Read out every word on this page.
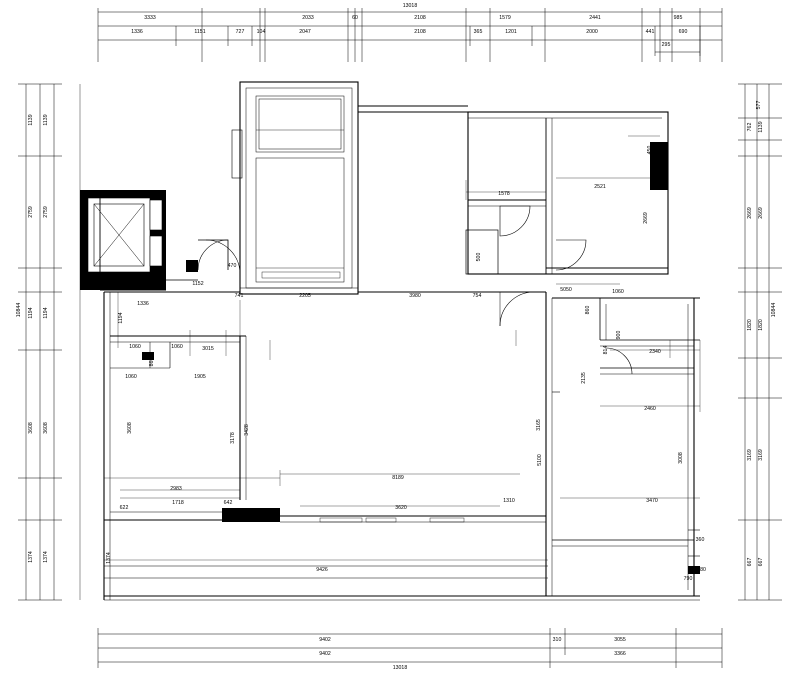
3333	2033	60	2108	1579	2441	985
1336	1151	727 104	2047	2108	365	1201	2000	441	690
295
1139
2759
1194
3608
1374
1139
2759
1194
3608
1374
577
762 1139
2669 2669
1820 1820
3169 3169
667 667
9402	310	3055
9402	3366
1578
2521
450
2669
500
470
1152
1336
1194
741	2205	3980	754
5050
860
1060
1060	1060	3015
1060	1905
860
3608
3178
3428
900
814	2340
2135
2460
3165
5100	3008
8189
2983
1718	642
622	3620
1310	3470
360
80
790
1374
9426
13018
10844	10844
13018
